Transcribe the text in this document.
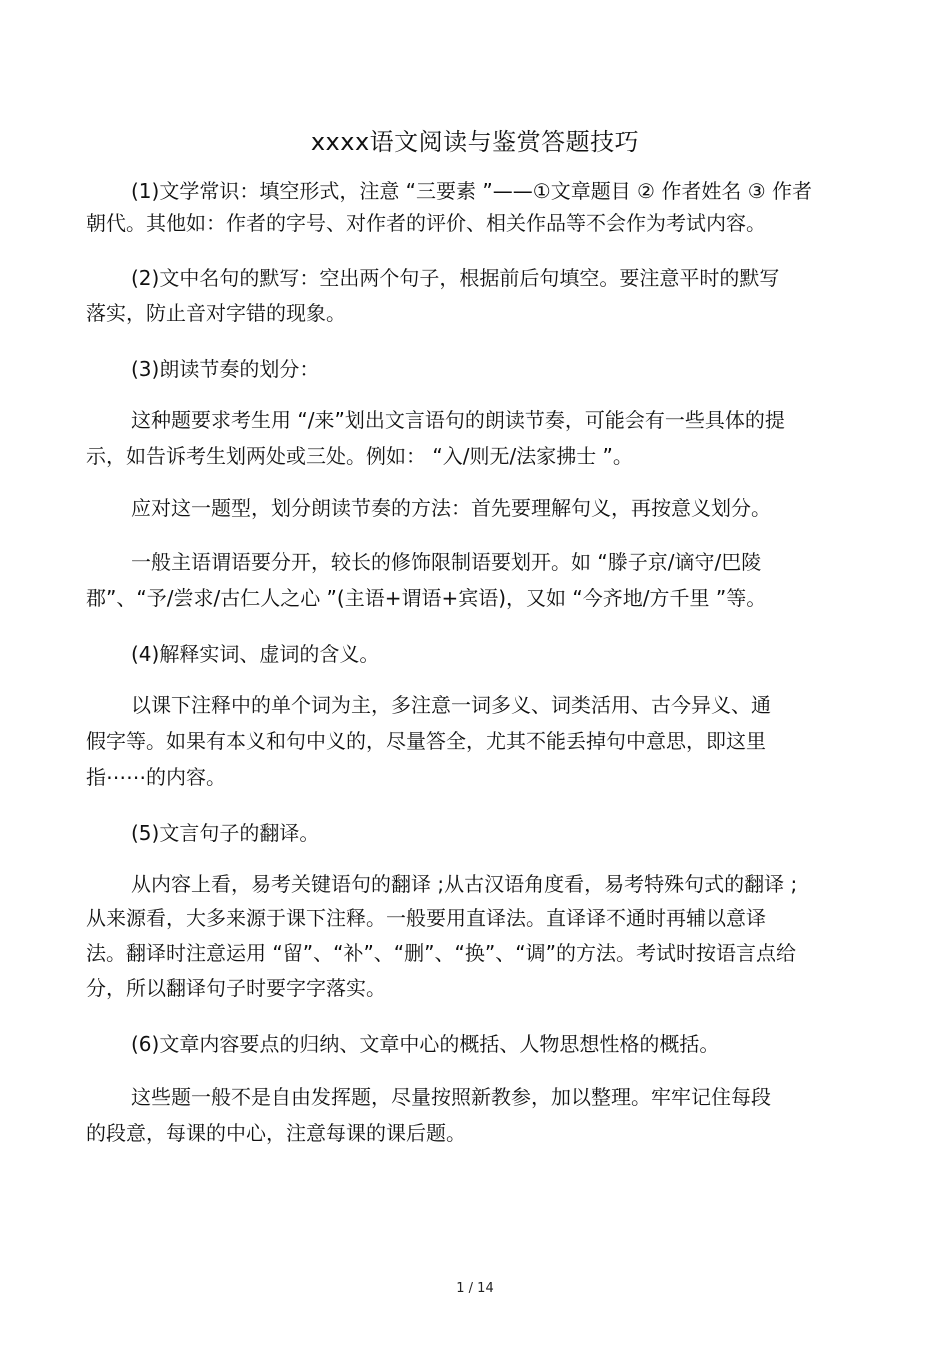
xxxx语文阅读与鉴赏答题技巧
(1)文学常识：填空形式，注意 “三要素 ”——①文章题目 ② 作者姓名 ③ 作者
朝代。其他如：作者的字号、对作者的评价、相关作品等不会作为考试内容。
(2)文中名句的默写：空出两个句子，根据前后句填空。要注意平时的默写
落实，防止音对字错的现象。
(3)朗读节奏的划分：
这种题要求考生用 “/来”划出文言语句的朗读节奏，可能会有一些具体的提
示，如告诉考生划两处或三处。例如： “入/则无/法家拂士 ”。
应对这一题型，划分朗读节奏的方法：首先要理解句义，再按意义划分。
一般主语谓语要分开，较长的修饰限制语要划开。如 “滕子京/谪守/巴陵
郡”、“予/尝求/古仁人之心 ”(主语+谓语+宾语)，又如 “今齐地/方千里 ”等。
(4)解释实词、虚词的含义。
以课下注释中的单个词为主，多注意一词多义、词类活用、古今异义、通
假字等。如果有本义和句中义的，尽量答全，尤其不能丢掉句中意思，即这里
指⋯⋯的内容。
(5)文言句子的翻译。
从内容上看，易考关键语句的翻译 ;从古汉语角度看，易考特殊句式的翻译 ;
从来源看，大多来源于课下注释。一般要用直译法。直译译不通时再辅以意译
法。翻译时注意运用 “留”、“补”、“删”、“换”、“调”的方法。考试时按语言点给
分，所以翻译句子时要字字落实。
(6)文章内容要点的归纳、文章中心的概括、人物思想性格的概括。
这些题一般不是自由发挥题，尽量按照新教参，加以整理。牢牢记住每段
的段意，每课的中心，注意每课的课后题。
1 / 14
